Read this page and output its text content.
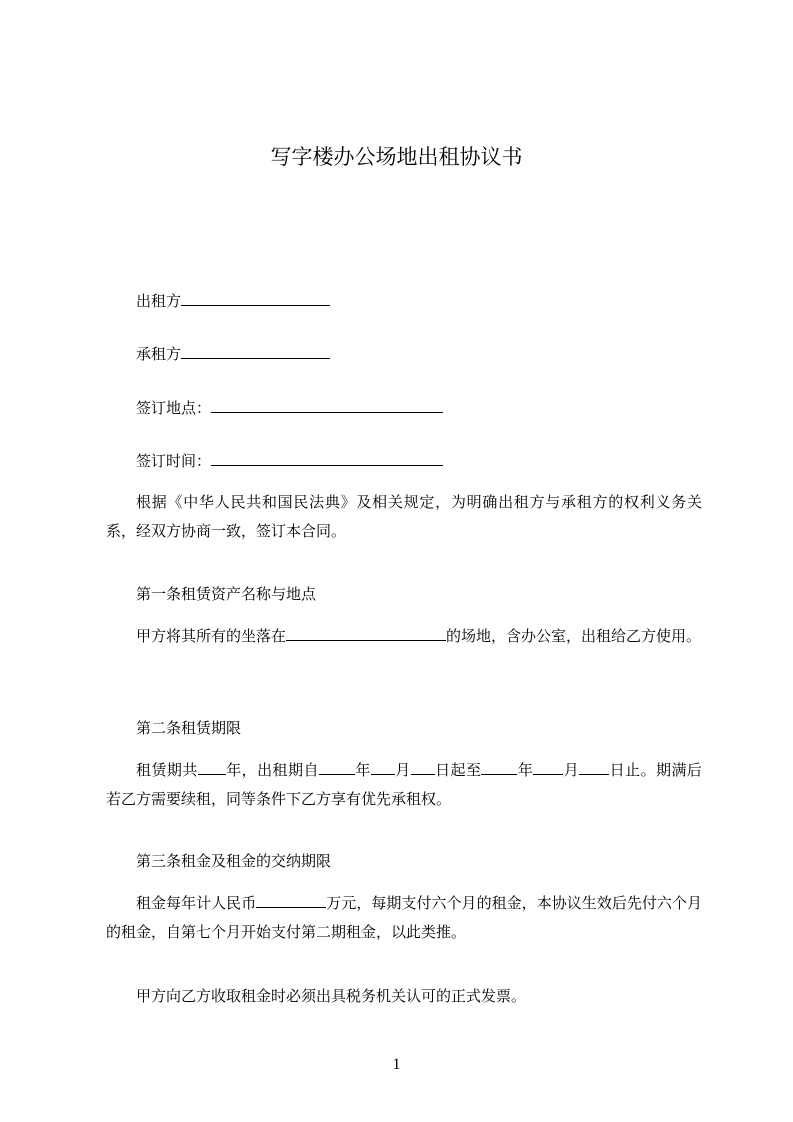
写字楼办公场地出租协议书
出租方
承租方
签订地点：
签订时间：

根据《中华人民共和国民法典》及相关规定，为明确出租方与承租方的权利义务关系，经双方协商一致，签订本合同。

第一条租赁资产名称与地点

甲方将其所有的坐落在	的场地，含办公室，出租给乙方使用。

第二条租赁期限

租赁期共 年，出租期自 年 月 日起至 年 月 日止。期满后若乙方需要续租，同等条件下乙方享有优先承租权。

第三条租金及租金的交纳期限

租金每年计人民币	万元，每期支付六个月的租金，本协议生效后先付六个月的租金，自第七个月开始支付第二期租金，以此类推。

甲方向乙方收取租金时必须出具税务机关认可的正式发票。
1
